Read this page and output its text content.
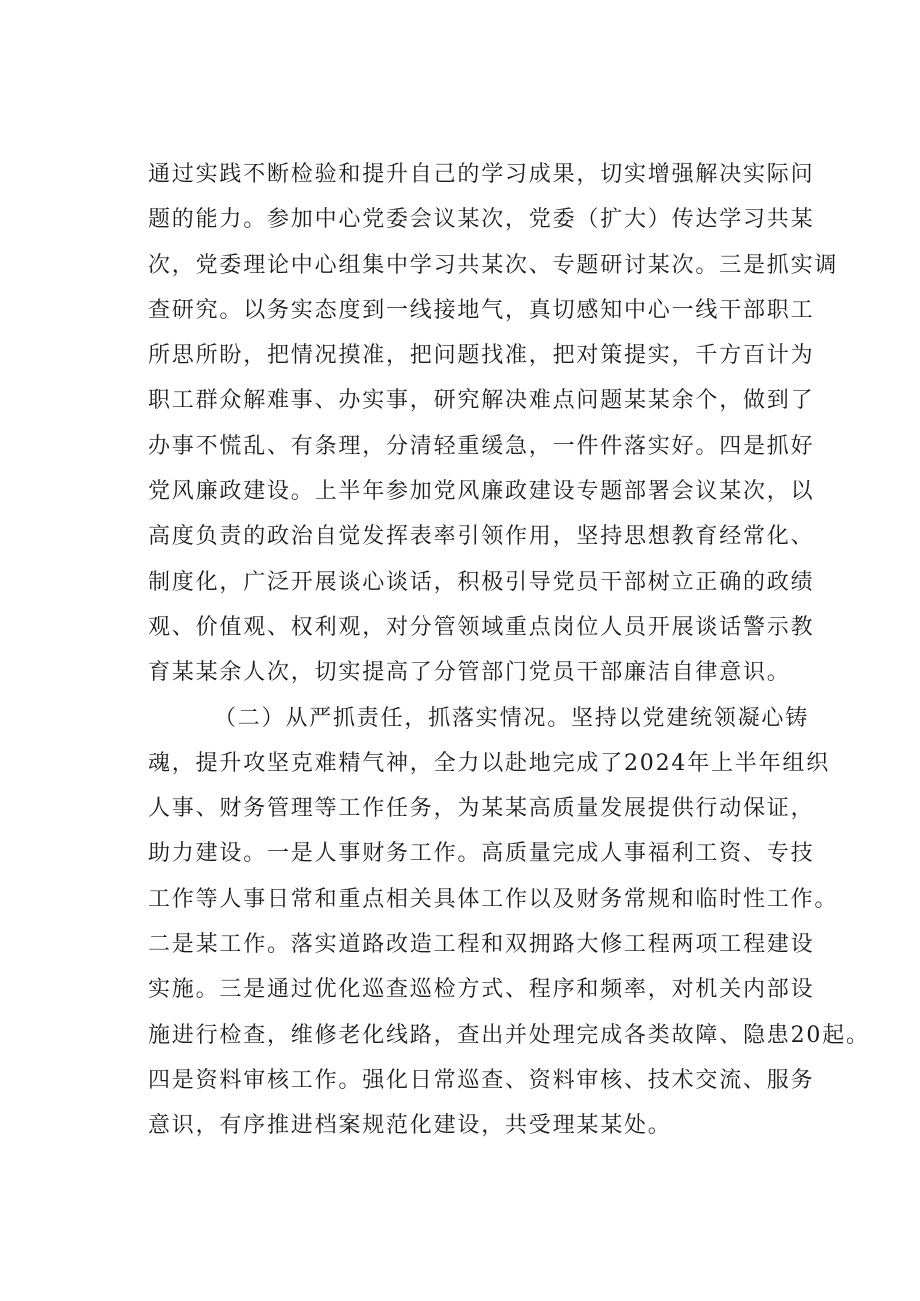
通过实践不断检验和提升自己的学习成果，切实增强解决实际问
题的能力。参加中心党委会议某次，党委（扩大）传达学习共某
次，党委理论中心组集中学习共某次、专题研讨某次。三是抓实调
查研究。以务实态度到一线接地气，真切感知中心一线干部职工
所思所盼，把情况摸准，把问题找准，把对策提实，千方百计为
职工群众解难事、办实事，研究解决难点问题某某余个，做到了
办事不慌乱、有条理，分清轻重缓急，一件件落实好。四是抓好
党风廉政建设。上半年参加党风廉政建设专题部署会议某次，以
高度负责的政治自觉发挥表率引领作用，坚持思想教育经常化、
制度化，广泛开展谈心谈话，积极引导党员干部树立正确的政绩
观、价值观、权利观，对分管领域重点岗位人员开展谈话警示教
育某某余人次，切实提高了分管部门党员干部廉洁自律意识。
（二）从严抓责任，抓落实情况。坚持以党建统领凝心铸
魂，提升攻坚克难精气神，全力以赴地完成了2024年上半年组织
人事、财务管理等工作任务，为某某高质量发展提供行动保证，
助力建设。一是人事财务工作。高质量完成人事福利工资、专技
工作等人事日常和重点相关具体工作以及财务常规和临时性工作。
二是某工作。落实道路改造工程和双拥路大修工程两项工程建设
实施。三是通过优化巡查巡检方式、程序和频率，对机关内部设
施进行检查，维修老化线路，查出并处理完成各类故障、隐患20起。
四是资料审核工作。强化日常巡查、资料审核、技术交流、服务
意识，有序推进档案规范化建设，共受理某某处。
